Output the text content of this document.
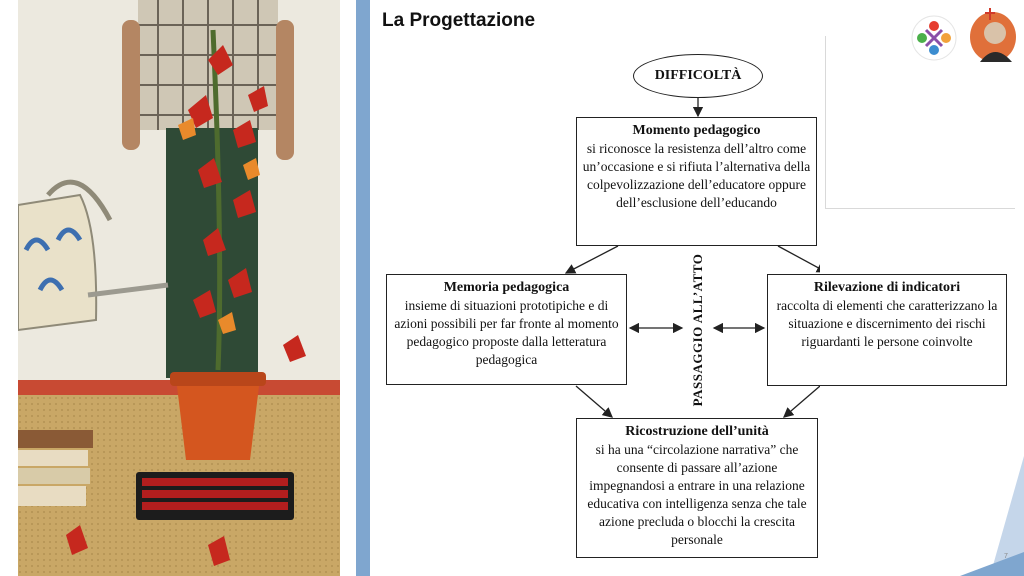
La Progettazione
DIFFICOLTÀ
Momento pedagogico
si riconosce la resistenza dell’altro come un’occasione e si rifiuta l’alternativa della colpevolizzazione dell’educatore oppure dell’esclusione dell’educando
Memoria pedagogica
insieme di situazioni prototipiche e di azioni possibili per far fronte al momento pedagogico proposte dalla letteratura pedagogica
Rilevazione di indicatori
raccolta di elementi che caratterizzano la situazione e discernimento dei rischi riguardanti le persone coinvolte
Ricostruzione dell’unità
si ha una “circolazione narrativa” che consente di passare all’azione impegnandosi a entrare in una relazione educativa con intelligenza senza che tale azione precluda o blocchi la crescita personale
PASSAGGIO ALL’ATTO
7
